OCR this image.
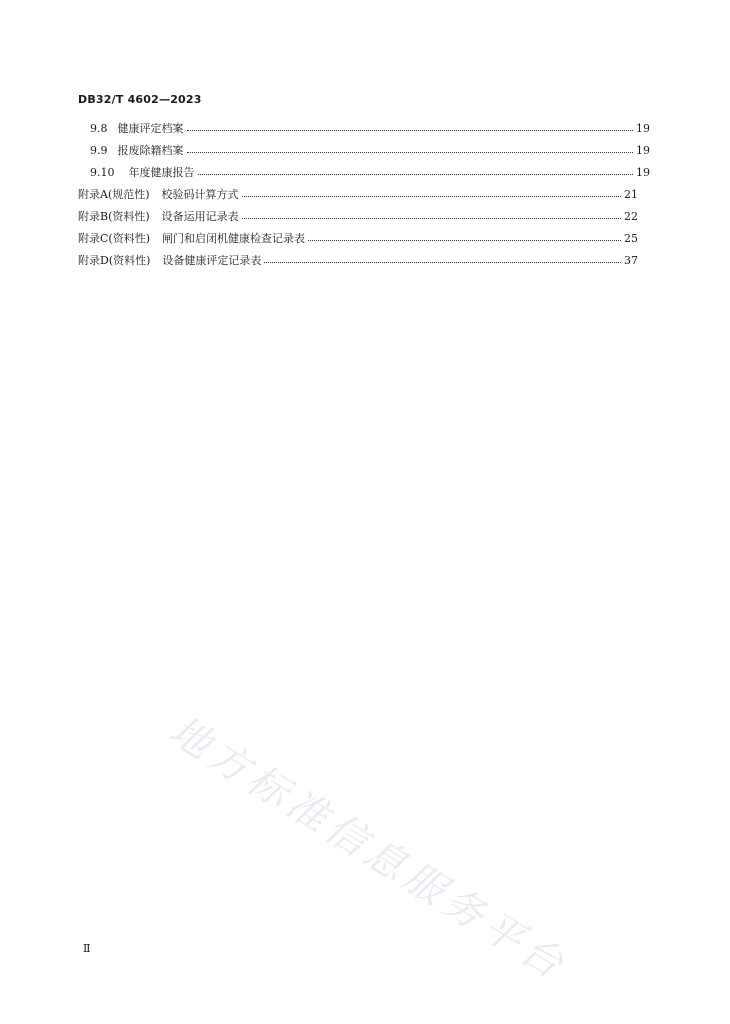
DB32/T 4602—2023
9.8 健康评定档案	19
9.9 报废除籍档案	19
9.10 年度健康报告	19
附录A(规范性) 校验码计算方式	21
附录B(资料性) 设备运用记录表	22
附录C(资料性) 闸门和启闭机健康检查记录表	25
附录D(资料性) 设备健康评定记录表	37
地方标准信息服务平台
Ⅱ
